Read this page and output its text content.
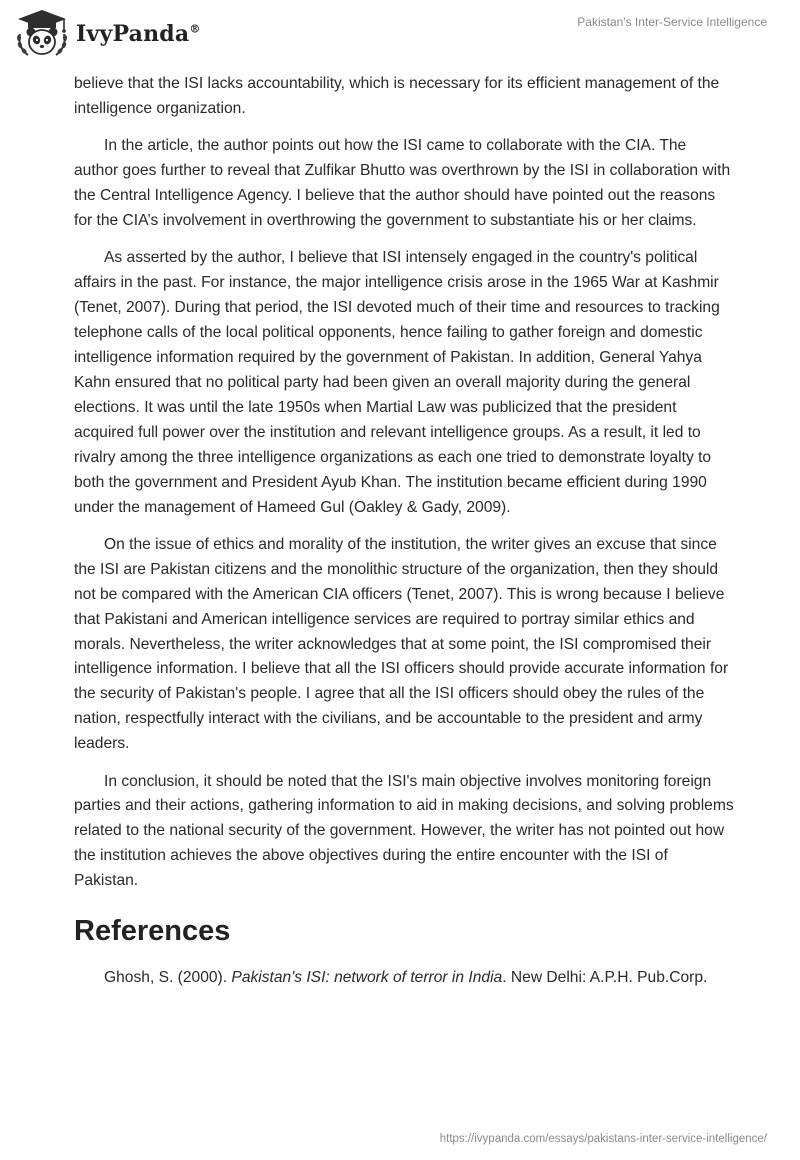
IvyPanda®
Pakistan's Inter-Service Intelligence

believe that the ISI lacks accountability, which is necessary for its efficient management of the intelligence organization.

In the article, the author points out how the ISI came to collaborate with the CIA. The author goes further to reveal that Zulfikar Bhutto was overthrown by the ISI in collaboration with the Central Intelligence Agency. I believe that the author should have pointed out the reasons for the CIA’s involvement in overthrowing the government to substantiate his or her claims.

As asserted by the author, I believe that ISI intensely engaged in the country's political affairs in the past. For instance, the major intelligence crisis arose in the 1965 War at Kashmir (Tenet, 2007). During that period, the ISI devoted much of their time and resources to tracking telephone calls of the local political opponents, hence failing to gather foreign and domestic intelligence information required by the government of Pakistan. In addition, General Yahya Kahn ensured that no political party had been given an overall majority during the general elections. It was until the late 1950s when Martial Law was publicized that the president acquired full power over the institution and relevant intelligence groups. As a result, it led to rivalry among the three intelligence organizations as each one tried to demonstrate loyalty to both the government and President Ayub Khan. The institution became efficient during 1990 under the management of Hameed Gul (Oakley & Gady, 2009).

On the issue of ethics and morality of the institution, the writer gives an excuse that since the ISI are Pakistan citizens and the monolithic structure of the organization, then they should not be compared with the American CIA officers (Tenet, 2007). This is wrong because I believe that Pakistani and American intelligence services are required to portray similar ethics and morals. Nevertheless, the writer acknowledges that at some point, the ISI compromised their intelligence information. I believe that all the ISI officers should provide accurate information for the security of Pakistan's people. I agree that all the ISI officers should obey the rules of the nation, respectfully interact with the civilians, and be accountable to the president and army leaders.

In conclusion, it should be noted that the ISI's main objective involves monitoring foreign parties and their actions, gathering information to aid in making decisions, and solving problems related to the national security of the government. However, the writer has not pointed out how the institution achieves the above objectives during the entire encounter with the ISI of Pakistan.

References

Ghosh, S. (2000). Pakistan's ISI: network of terror in India. New Delhi: A.P.H. Pub.Corp.

https://ivypanda.com/essays/pakistans-inter-service-intelligence/
